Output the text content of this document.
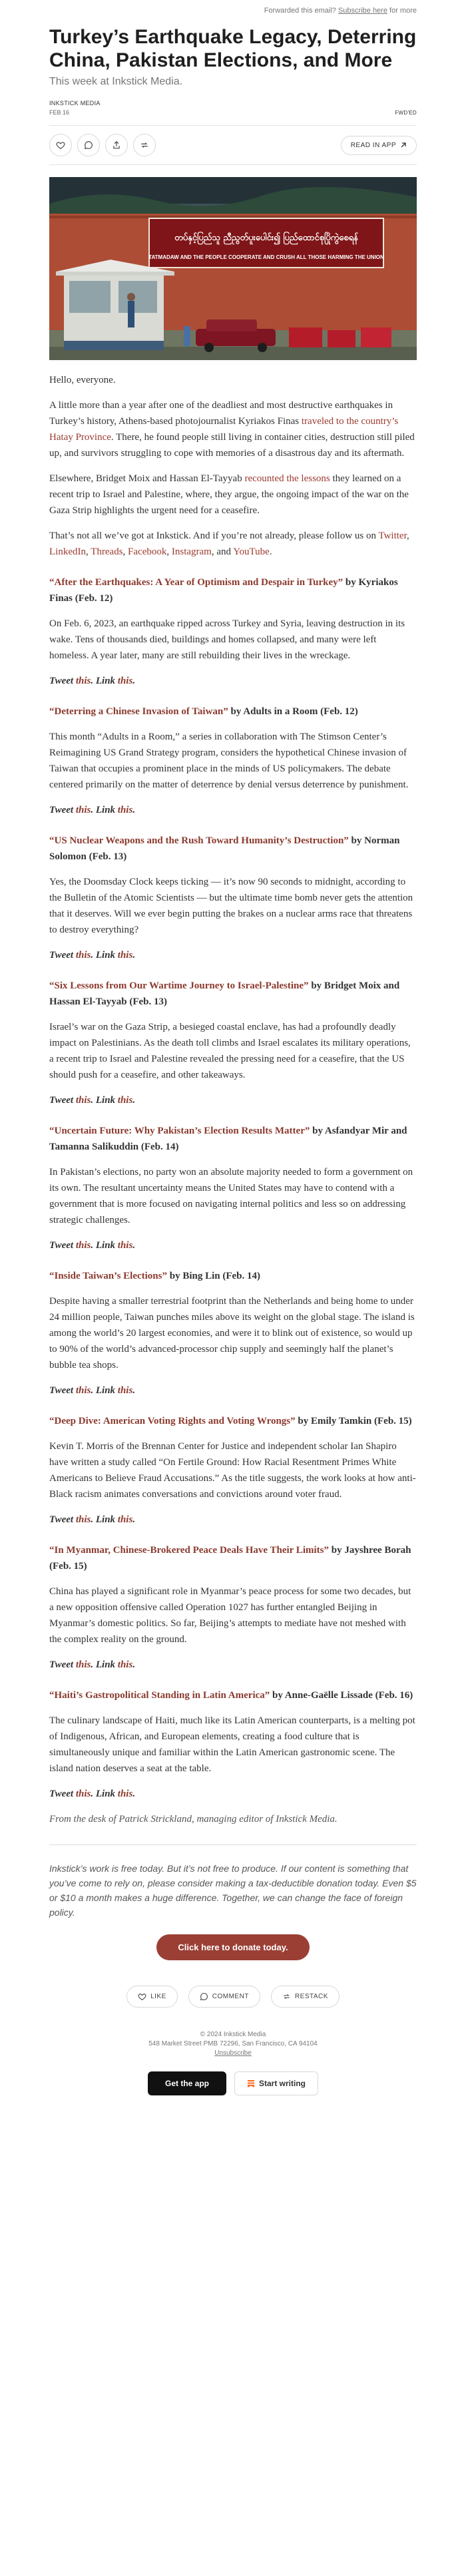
Forwarded this email? Subscribe here for more
Turkey’s Earthquake Legacy, Deterring China, Pakistan Elections, and More
This week at Inkstick Media.
INKSTICK MEDIA
FEB 16	FWD'ED
READ IN APP
တပ်နှင့်ပြည်သူ ညီညွတ်ပူးပေါင်း၍ ပြည်ထောင်စုပြိုကွဲစေရန်
TATMADAW AND THE PEOPLE COOPERATE AND CRUSH ALL THOSE HARMING THE UNION

Hello, everyone.

A little more than a year after one of the deadliest and most destructive earthquakes in Turkey’s history, Athens-based photojournalist Kyriakos Finas traveled to the country’s Hatay Province. There, he found people still living in container cities, destruction still piled up, and survivors struggling to cope with memories of a disastrous day and its aftermath.

Elsewhere, Bridget Moix and Hassan El-Tayyab recounted the lessons they learned on a recent trip to Israel and Palestine, where, they argue, the ongoing impact of the war on the Gaza Strip highlights the urgent need for a ceasefire.

That’s not all we’ve got at Inkstick. And if you’re not already, please follow us on Twitter, LinkedIn, Threads, Facebook, Instagram, and YouTube.

“After the Earthquakes: A Year of Optimism and Despair in Turkey” by Kyriakos Finas (Feb. 12)

On Feb. 6, 2023, an earthquake ripped across Turkey and Syria, leaving destruction in its wake. Tens of thousands died, buildings and homes collapsed, and many were left homeless. A year later, many are still rebuilding their lives in the wreckage.

Tweet this. Link this.

“Deterring a Chinese Invasion of Taiwan” by Adults in a Room (Feb. 12)

This month “Adults in a Room,” a series in collaboration with The Stimson Center’s Reimagining US Grand Strategy program, considers the hypothetical Chinese invasion of Taiwan that occupies a prominent place in the minds of US policymakers. The debate centered primarily on the matter of deterrence by denial versus deterrence by punishment.

Tweet this. Link this.

“US Nuclear Weapons and the Rush Toward Humanity’s Destruction” by Norman Solomon (Feb. 13)

Yes, the Doomsday Clock keeps ticking — it’s now 90 seconds to midnight, according to the Bulletin of the Atomic Scientists — but the ultimate time bomb never gets the attention that it deserves. Will we ever begin putting the brakes on a nuclear arms race that threatens to destroy everything?

Tweet this. Link this.

“Six Lessons from Our Wartime Journey to Israel-Palestine” by Bridget Moix and Hassan El-Tayyab (Feb. 13)

Israel’s war on the Gaza Strip, a besieged coastal enclave, has had a profoundly deadly impact on Palestinians. As the death toll climbs and Israel escalates its military operations, a recent trip to Israel and Palestine revealed the pressing need for a ceasefire, that the US should push for a ceasefire, and other takeaways.

Tweet this. Link this.

“Uncertain Future: Why Pakistan’s Election Results Matter” by Asfandyar Mir and Tamanna Salikuddin (Feb. 14)

In Pakistan’s elections, no party won an absolute majority needed to form a government on its own. The resultant uncertainty means the United States may have to contend with a government that is more focused on navigating internal politics and less so on addressing strategic challenges.

Tweet this. Link this.

“Inside Taiwan’s Elections” by Bing Lin (Feb. 14)

Despite having a smaller terrestrial footprint than the Netherlands and being home to under 24 million people, Taiwan punches miles above its weight on the global stage. The island is among the world’s 20 largest economies, and were it to blink out of existence, so would up to 90% of the world’s advanced-processor chip supply and seemingly half the planet’s bubble tea shops.

Tweet this. Link this.

“Deep Dive: American Voting Rights and Voting Wrongs” by Emily Tamkin (Feb. 15)

Kevin T. Morris of the Brennan Center for Justice and independent scholar Ian Shapiro have written a study called “On Fertile Ground: How Racial Resentment Primes White Americans to Believe Fraud Accusations.” As the title suggests, the work looks at how anti-Black racism animates conversations and convictions around voter fraud.

Tweet this. Link this.

“In Myanmar, Chinese-Brokered Peace Deals Have Their Limits” by Jayshree Borah (Feb. 15)

China has played a significant role in Myanmar’s peace process for some two decades, but a new opposition offensive called Operation 1027 has further entangled Beijing in Myanmar’s domestic politics. So far, Beijing’s attempts to mediate have not meshed with the complex reality on the ground.

Tweet this. Link this.

“Haiti’s Gastropolitical Standing in Latin America” by Anne-Gaëlle Lissade (Feb. 16)

The culinary landscape of Haiti, much like its Latin American counterparts, is a melting pot of Indigenous, African, and European elements, creating a food culture that is simultaneously unique and familiar within the Latin American gastronomic scene. The island nation deserves a seat at the table.

Tweet this. Link this.

From the desk of Patrick Strickland, managing editor of Inkstick Media.

Inkstick’s work is free today. But it’s not free to produce. If our content is something that you’ve come to rely on, please consider making a tax-deductible donation today. Even $5 or $10 a month makes a huge difference. Together, we can change the face of foreign policy.

Click here to donate today.
LIKE	COMMENT	RESTACK
© 2024 Inkstick Media
548 Market Street PMB 72296, San Francisco, CA 94104
Unsubscribe
Get the app	Start writing
